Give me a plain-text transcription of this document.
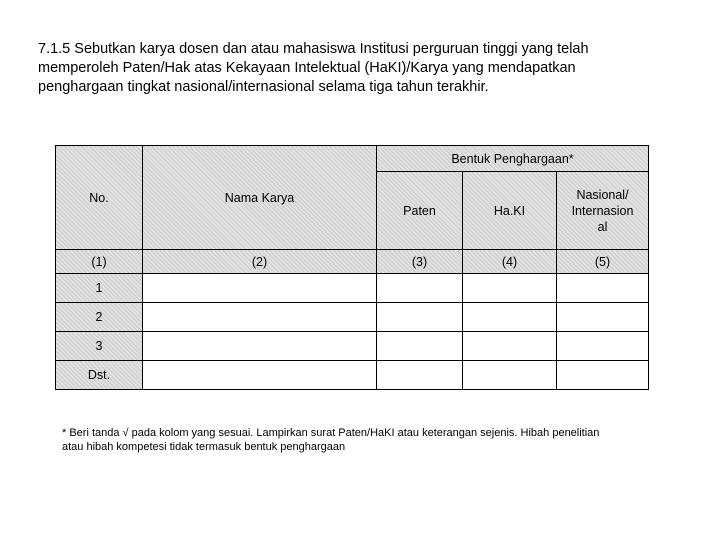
7.1.5 Sebutkan karya dosen dan atau mahasiswa Institusi perguruan tinggi yang telah
memperoleh Paten/Hak atas Kekayaan Intelektual (HaKI)/Karya yang mendapatkan
penghargaan tingkat nasional/internasional selama tiga tahun terakhir.

No.	Nama Karya	Bentuk Penghargaan*		
		Paten	Ha.KI	Nasional/
Internasion
al

(1)	(2)	(3)	(4)	(5)
1				
2				
3				
Dst.				

* Beri tanda √ pada kolom yang sesuai. Lampirkan surat Paten/HaKI atau keterangan sejenis. Hibah penelitian
atau hibah kompetesi tidak termasuk bentuk penghargaan
